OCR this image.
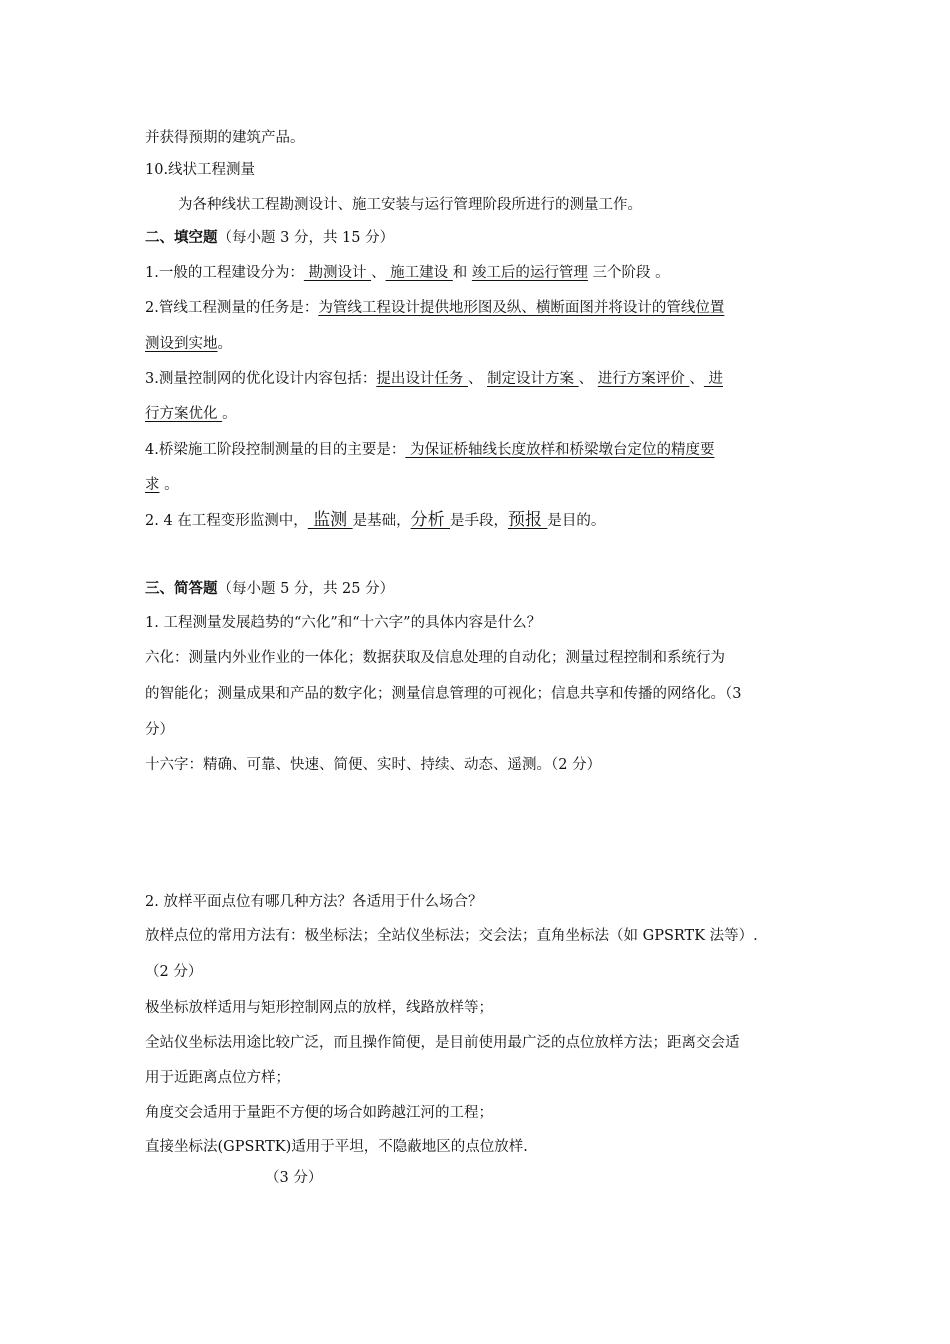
并获得预期的建筑产品。
10.线状工程测量
为各种线状工程勘测设计、施工安装与运行管理阶段所进行的测量工作。
二、填空题（每小题 3 分，共 15 分）
1.一般的工程建设分为： 勘测设计 、 施工建设 和 竣工后的运行管理 三个阶段 。
2.管线工程测量的任务是：为管线工程设计提供地形图及纵、横断面图并将设计的管线位置
测设到实地。
3.测量控制网的优化设计内容包括：提出设计任务 、 制定设计方案 、 进行方案评价 、 进
行方案优化 。
4.桥梁施工阶段控制测量的目的主要是： 为保证桥轴线长度放样和桥梁墩台定位的精度要
求 。
2. 4 在工程变形监测中， 监测 是基础，分析 是手段，预报 是目的。
三、简答题（每小题 5 分，共 25 分）
1. 工程测量发展趋势的“六化”和“十六字”的具体内容是什么？
六化：测量内外业作业的一体化；数据获取及信息处理的自动化；测量过程控制和系统行为
的智能化；测量成果和产品的数字化；测量信息管理的可视化；信息共享和传播的网络化。（3
分）
十六字：精确、可靠、快速、简便、实时、持续、动态、遥测。（2 分）
2. 放样平面点位有哪几种方法？各适用于什么场合？
放样点位的常用方法有：极坐标法；全站仪坐标法；交会法；直角坐标法（如 GPSRTK 法等）.
（2 分）
极坐标放样适用与矩形控制网点的放样，线路放样等；
全站仪坐标法用途比较广泛，而且操作简便，是目前使用最广泛的点位放样方法；距离交会适
用于近距离点位方样；
角度交会适用于量距不方便的场合如跨越江河的工程；
直接坐标法(GPSRTK)适用于平坦，不隐蔽地区的点位放样.
（3 分）
